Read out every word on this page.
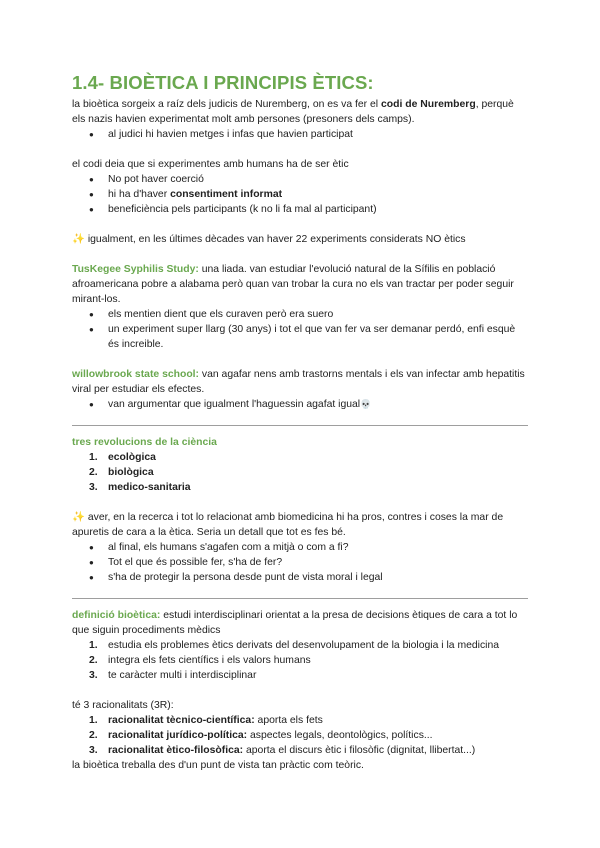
1.4- BIOÈTICA I PRINCIPIS ÈTICS:

la bioètica sorgeix a raíz dels judicis de Nuremberg, on es va fer el codi de Nuremberg, perquè els nazis havien experimentat molt amb persones (presoners dels camps).

● al judici hi havien metges i infas que havien participat

el codi deia que si experimentes amb humans ha de ser ètic

● No pot haver coerció
● hi ha d'haver consentiment informat
● beneficiència pels participants (k no li fa mal al participant)

✨ igualment, en les últimes dècades van haver 22 experiments considerats NO ètics

TusKegee Syphilis Study: una liada. van estudiar l'evolució natural de la Sífilis en població afroamericana pobre a alabama però quan van trobar la cura no els van tractar per poder seguir mirant-los.

● els mentien dient que els curaven però era suero
● un experiment super llarg (30 anys) i tot el que van fer va ser demanar perdó, enfi esquè és increible.

willowbrook state school: van agafar nens amb trastorns mentals i els van infectar amb hepatitis viral per estudiar els efectes.

● van argumentar que igualment l'haguessin agafat igual💀

tres revolucions de la ciència

1. ecològica
2. biològica
3. medico-sanitaria

✨ aver, en la recerca i tot lo relacionat amb biomedicina hi ha pros, contres i coses la mar de apuretis de cara a la ètica. Seria un detall que tot es fes bé.

● al final, els humans s'agafen com a mitjà o com a fi?
● Tot el que és possible fer, s'ha de fer?
● s'ha de protegir la persona desde punt de vista moral i legal

definició bioètica: estudi interdisciplinari orientat a la presa de decisions ètiques de cara a tot lo que siguin procediments mèdics

1. estudia els problemes ètics derivats del desenvolupament de la biologia i la medicina
2. integra els fets científics i els valors humans
3. te caràcter multi i interdisciplinar

té 3 racionalitats (3R):

1. racionalitat tècnico-científica: aporta els fets
2. racionalitat jurídico-política: aspectes legals, deontològics, polítics...
3. racionalitat ètico-filosòfica: aporta el discurs ètic i filosòfic (dignitat, llibertat...)

la bioètica treballa des d'un punt de vista tan pràctic com teòric.
